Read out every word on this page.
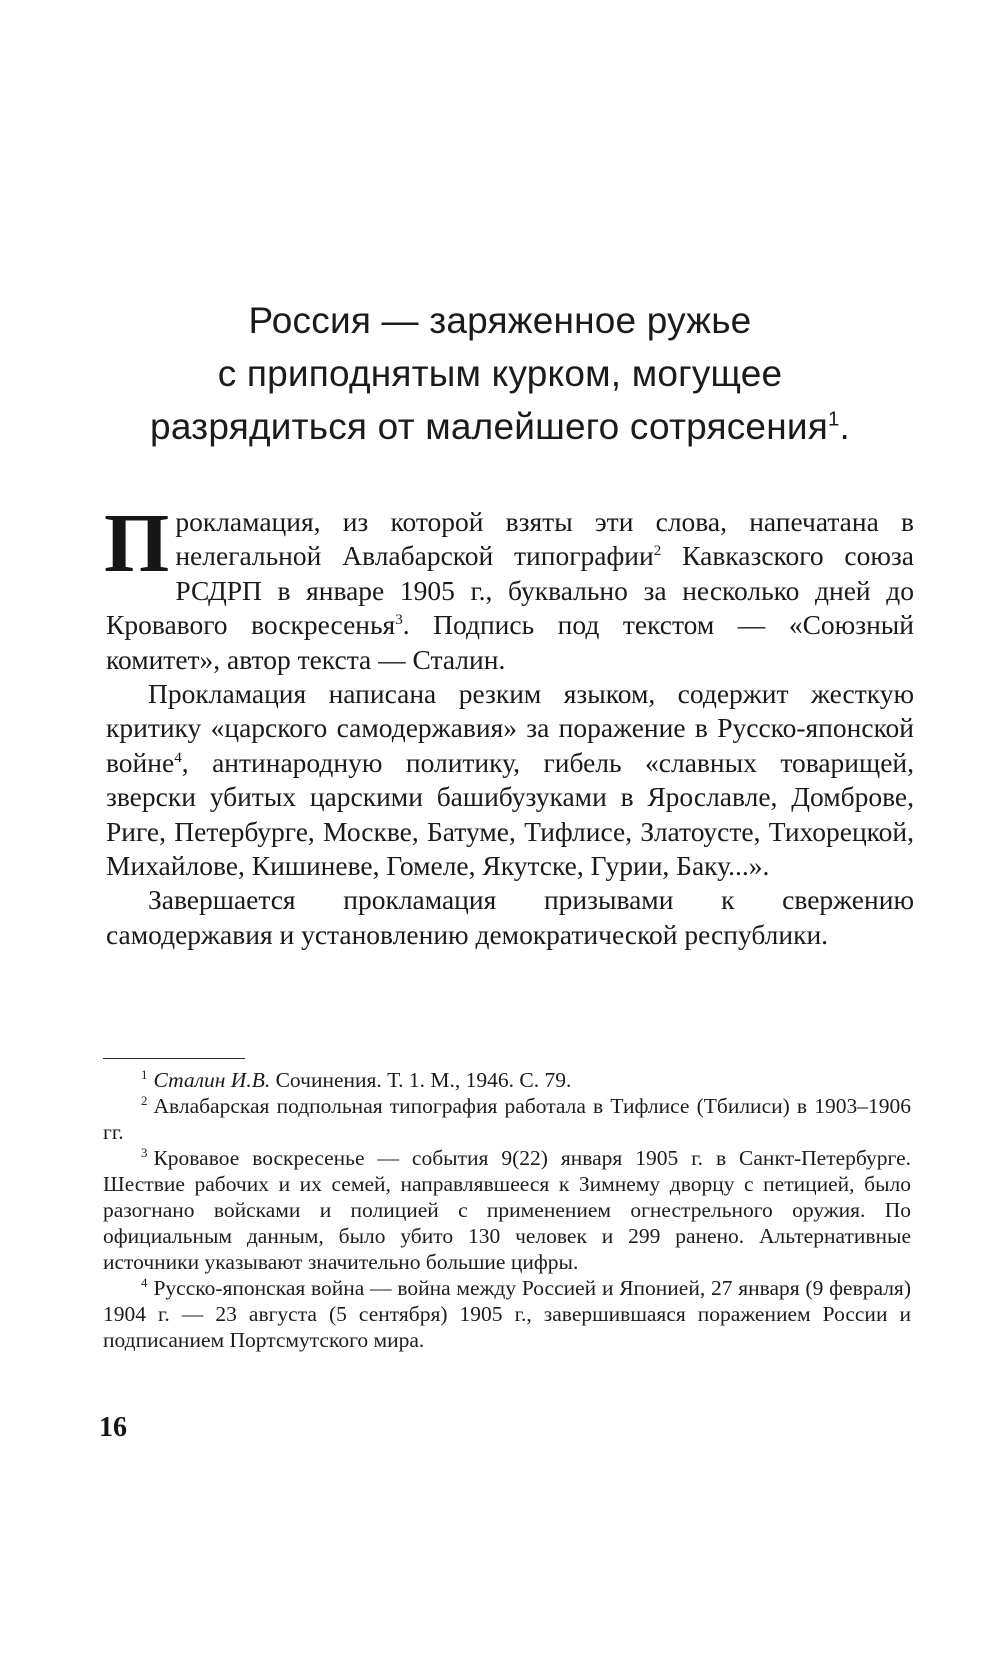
Россия — заряженное ружье
с приподнятым курком, могущее
разрядиться от малейшего сотрясения$^1$.

Прокламация, из которой взяты эти слова, напечатана в нелегальной Авлабарской типографии$^2$ Кавказского союза РСДРП в январе 1905 г., буквально за несколько дней до Кровавого воскресенья$^3$. Подпись под текстом — «Союзный комитет», автор текста — Сталин.

Прокламация написана резким языком, содержит жесткую критику «царского самодержавия» за поражение в Русско-японской войне$^4$, антинародную политику, гибель «славных товарищей, зверски убитых царскими башибузуками в Ярославле, Домброве, Риге, Петербурге, Москве, Батуме, Тифлисе, Златоусте, Тихорецкой, Михайлове, Кишиневе, Гомеле, Якутске, Гурии, Баку...».

Завершается прокламация призывами к свержению самодержавия и установлению демократической республики.

$^1$ Сталин И.В. Сочинения. Т. 1. М., 1946. С. 79.

$^2$ Авлабарская подпольная типография работала в Тифлисе (Тбилиси) в 1903–1906 гг.

$^3$ Кровавое воскресенье — события 9(22) января 1905 г. в Санкт-Петербурге. Шествие рабочих и их семей, направлявшееся к Зимнему дворцу с петицией, было разогнано войсками и полицией с применением огнестрельного оружия. По официальным данным, было убито 130 человек и 299 ранено. Альтернативные источники указывают значительно большие цифры.

$^4$ Русско-японская война — война между Россией и Японией, 27 января (9 февраля) 1904 г. — 23 августа (5 сентября) 1905 г., завершившаяся поражением России и подписанием Портсмутского мира.

16
